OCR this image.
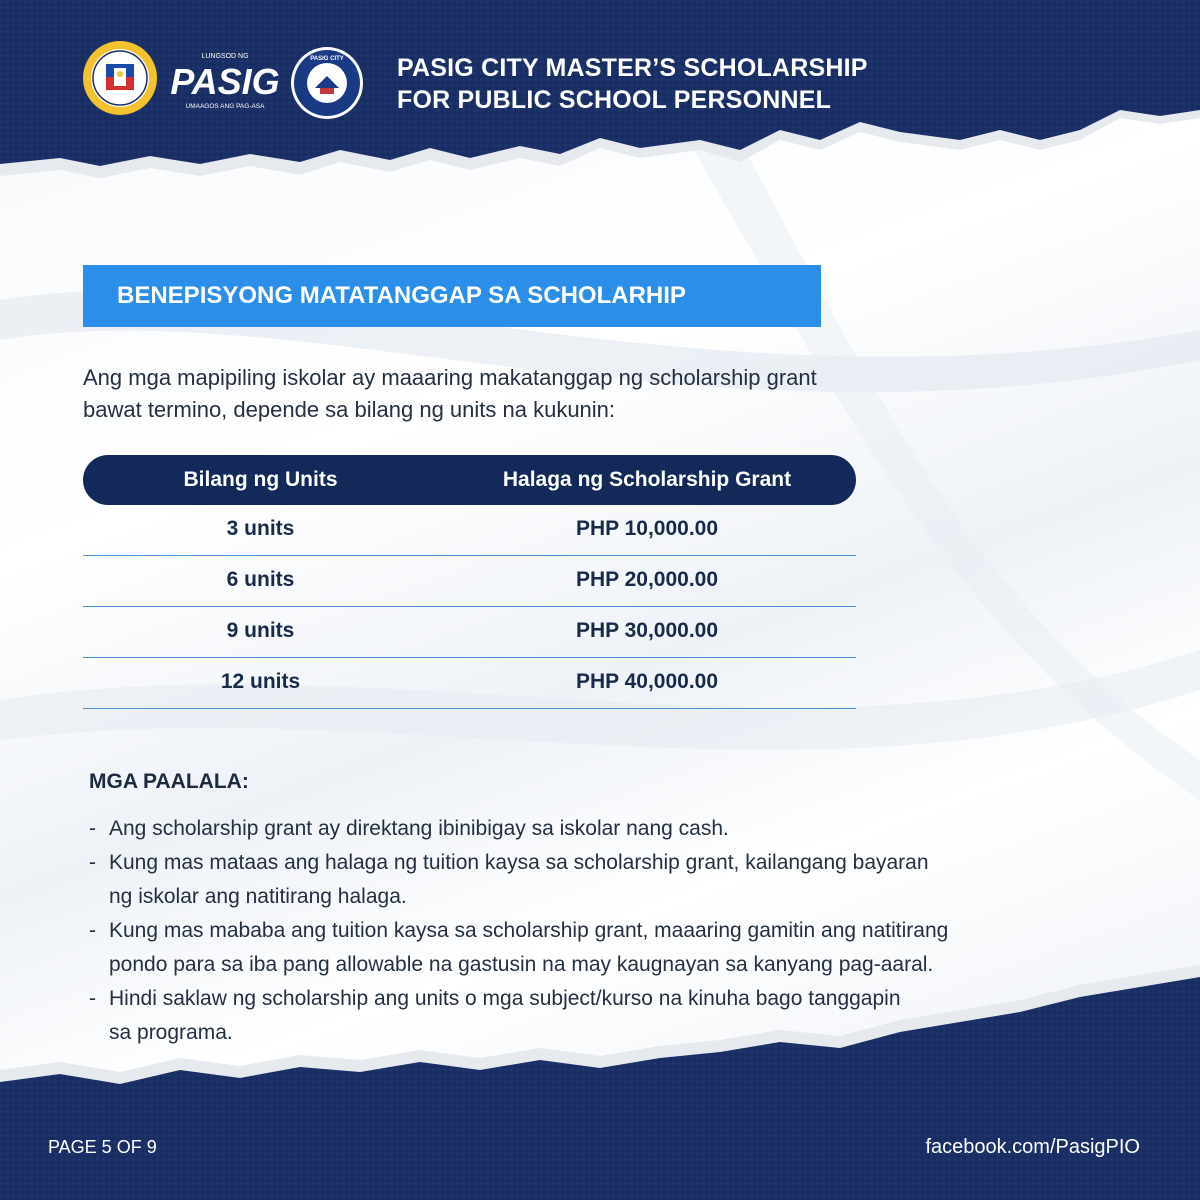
LUNGSOD NG
PASIG
UMAAGOS ANG PAG-ASA
PASIG CITY PASIG CITY MASTER’S SCHOLARSHIP
FOR PUBLIC SCHOOL PERSONNEL
BENEPISYONG MATATANGGAP SA SCHOLARHIP
Ang mga mapipiling iskolar ay maaaring makatanggap ng scholarship grant
bawat termino, depende sa bilang ng units na kukunin:
Bilang ng Units	Halaga ng Scholarship Grant
3 units	PHP 10,000.00
6 units	PHP 20,000.00
9 units	PHP 30,000.00
12 units	PHP 40,000.00
MGA PAALALA:
- Ang scholarship grant ay direktang ibinibigay sa iskolar nang cash.
- Kung mas mataas ang halaga ng tuition kaysa sa scholarship grant, kailangang bayaran
ng iskolar ang natitirang halaga.
- Kung mas mababa ang tuition kaysa sa scholarship grant, maaaring gamitin ang natitirang
pondo para sa iba pang allowable na gastusin na may kaugnayan sa kanyang pag-aaral.
- Hindi saklaw ng scholarship ang units o mga subject/kurso na kinuha bago tanggapin
sa programa.
PAGE 5 OF 9	facebook.com/PasigPIO
